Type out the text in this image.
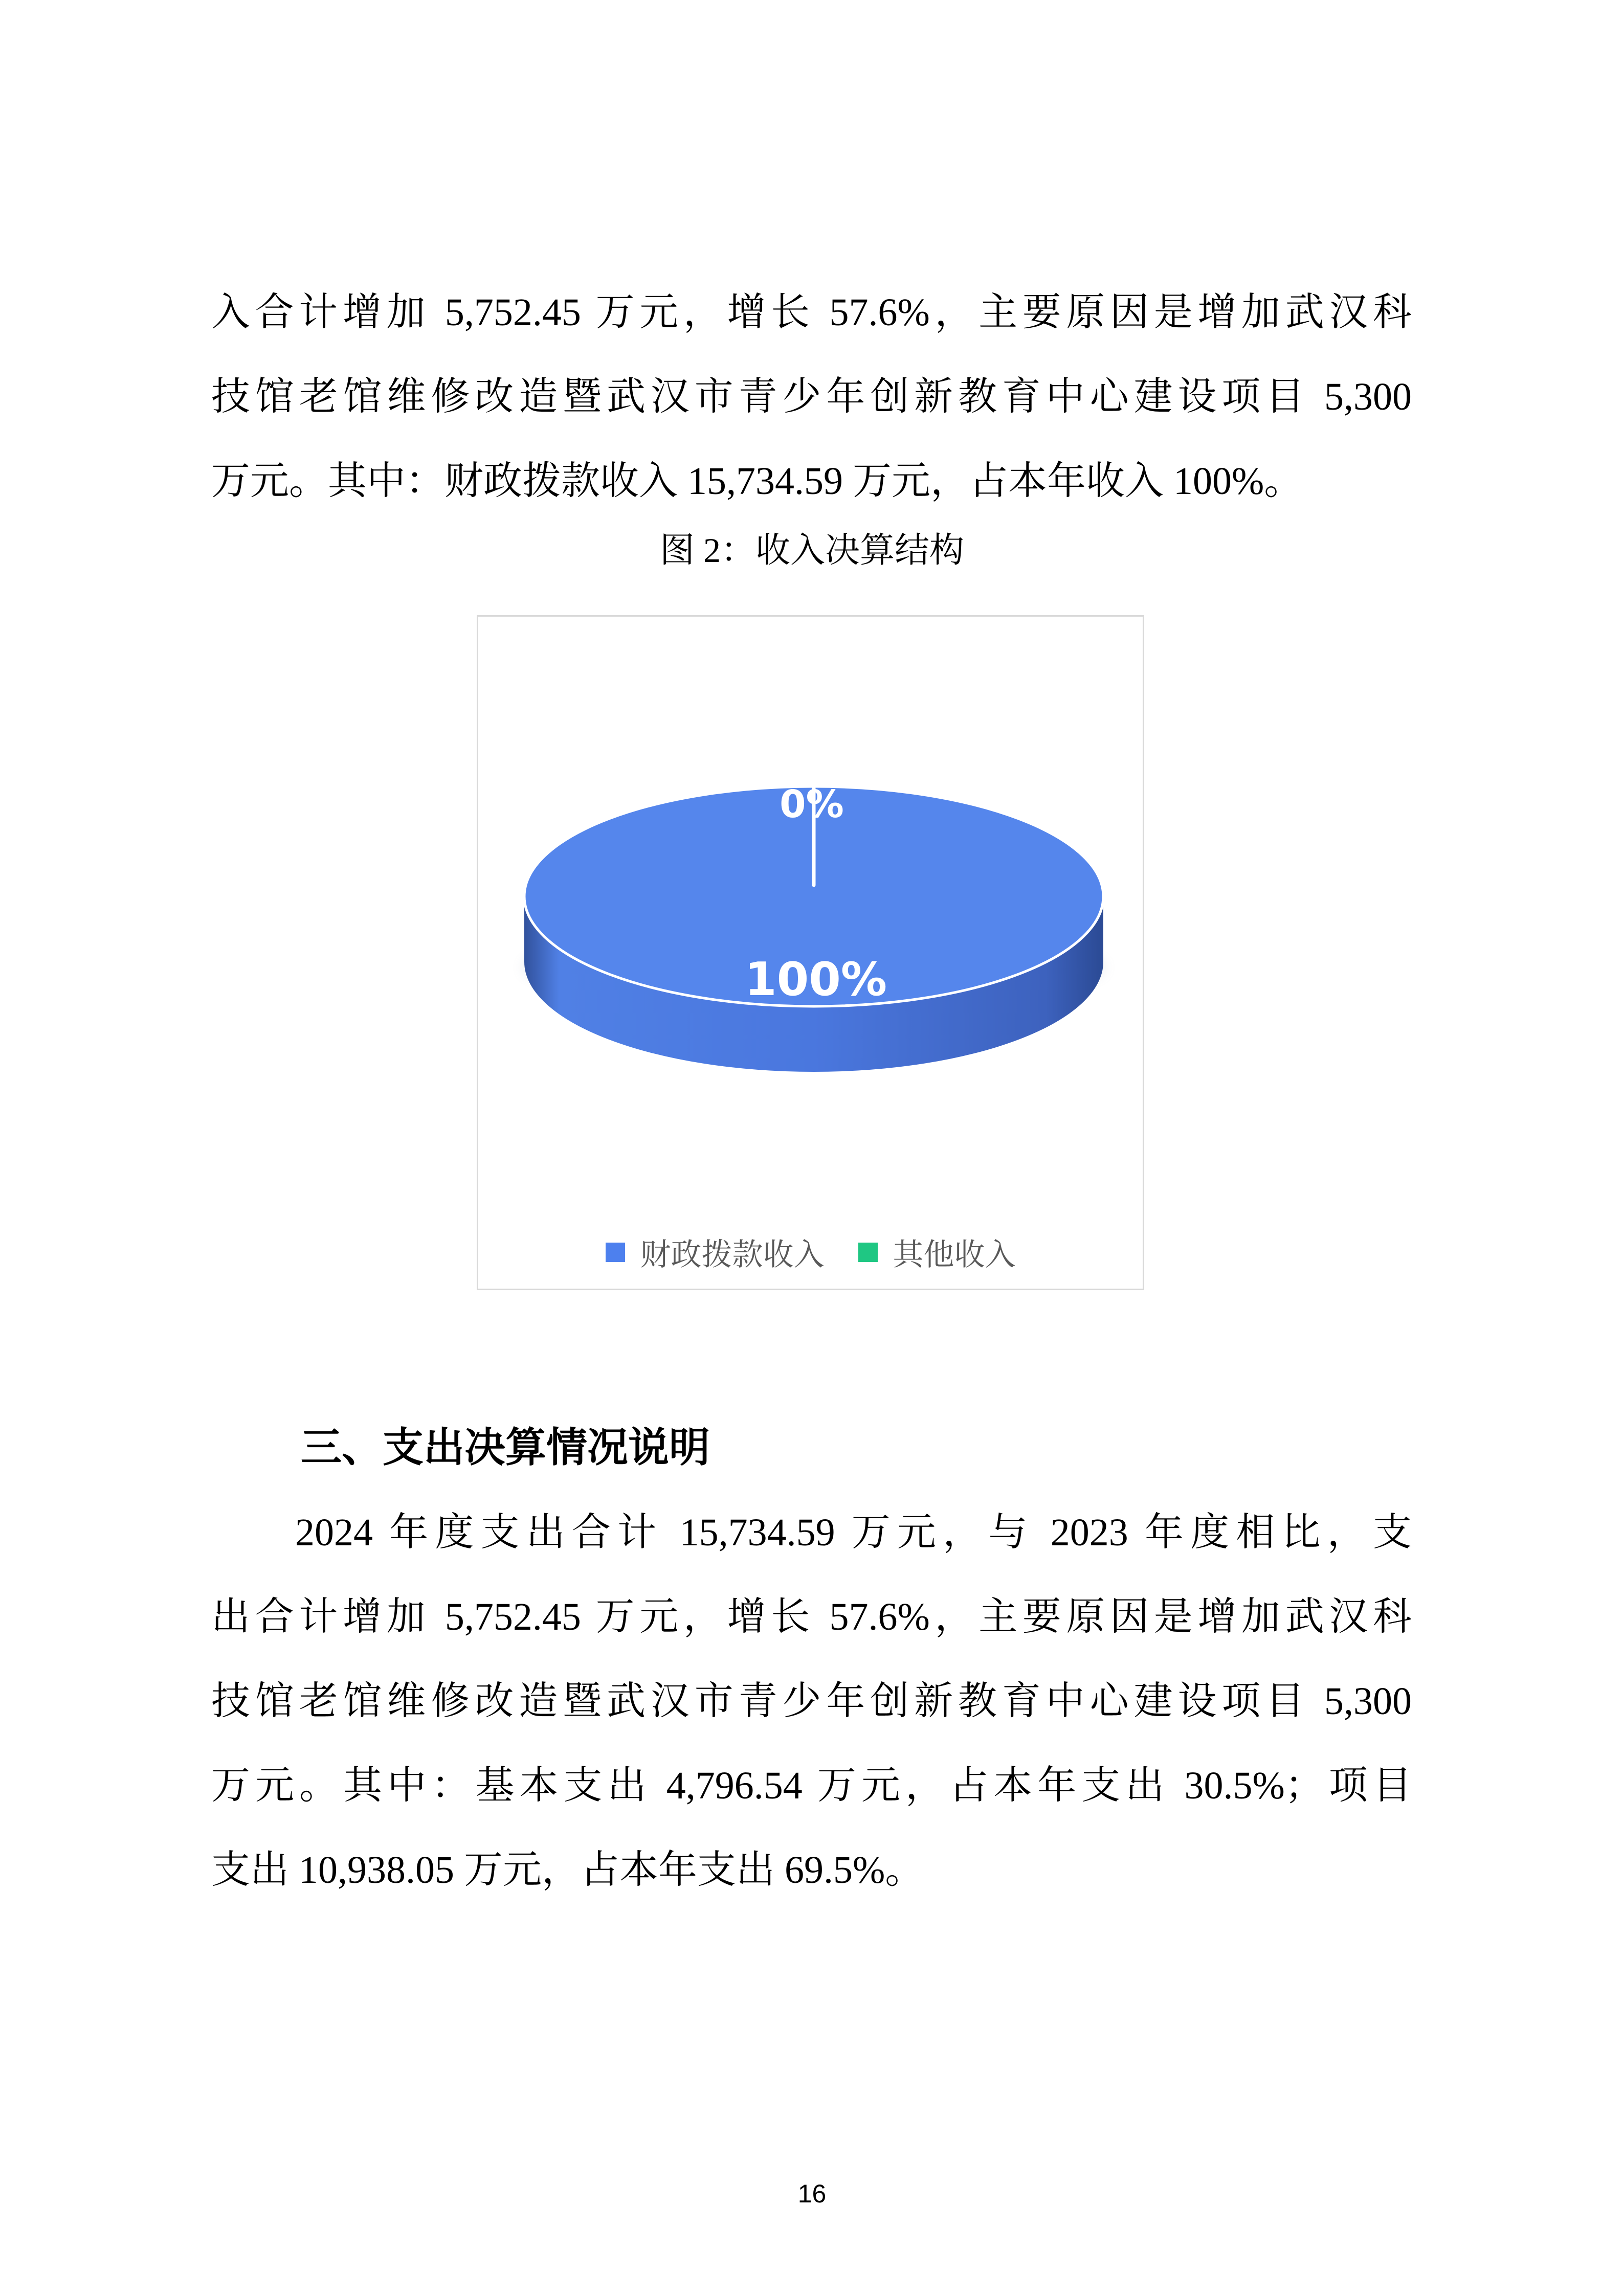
入合计增加 5,752.45 万元，增长 57.6%，主要原因是增加武汉科
技馆老馆维修改造暨武汉市青少年创新教育中心建设项目 5,300
万元。其中：财政拨款收入 15,734.59 万元，占本年收入 100%。
图 2：收入决算结构
0%
100%
财政拨款收入 其他收入
三、支出决算情况说明
2024 年度支出合计 15,734.59 万元，与 2023 年度相比，支
出合计增加 5,752.45 万元，增长 57.6%，主要原因是增加武汉科
技馆老馆维修改造暨武汉市青少年创新教育中心建设项目 5,300
万元。其中：基本支出 4,796.54 万元，占本年支出 30.5%；项目
支出 10,938.05 万元，占本年支出 69.5%。
16
